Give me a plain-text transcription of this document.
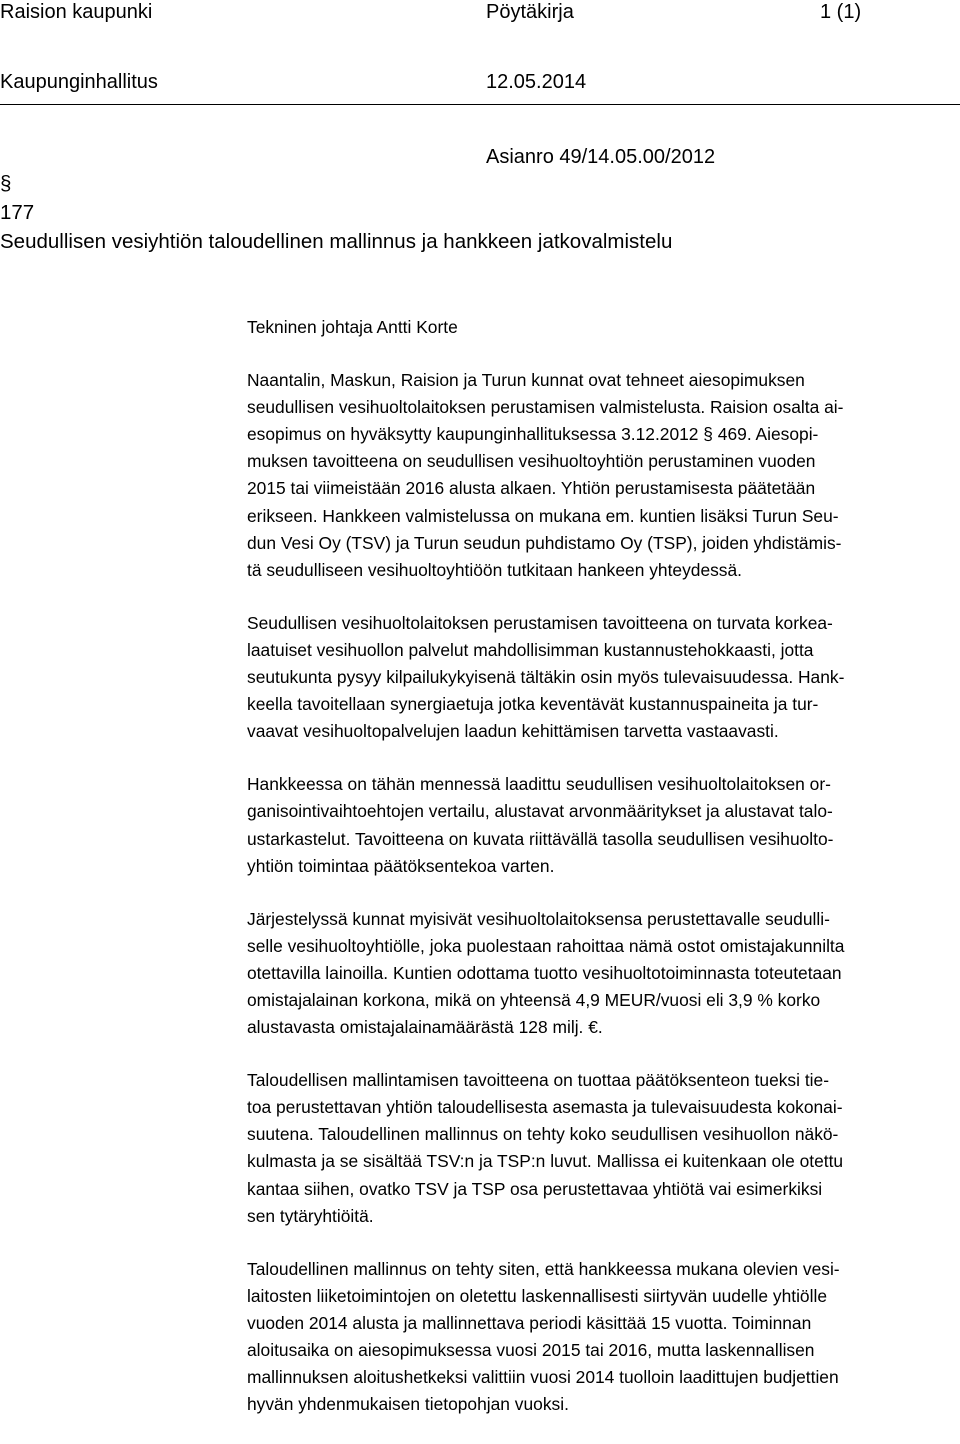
Raision kaupunki	Pöytäkirja	1 (1)
Kaupunginhallitus	12.05.2014
Asianro 49/14.05.00/2012
§
177
Seudullisen vesiyhtiön taloudellinen mallinnus ja hankkeen jatkovalmistelu
Tekninen johtaja Antti Korte

Naantalin, Maskun, Raision ja Turun kunnat ovat tehneet aiesopimuksen
seudullisen vesihuoltolaitoksen perustamisen valmistelusta. Raision osalta ai-
esopimus on hyväksytty kaupunginhallituksessa 3.12.2012 § 469. Aiesopi-
muksen tavoitteena on seudullisen vesihuoltoyhtiön perustaminen vuoden
2015 tai viimeistään 2016 alusta alkaen. Yhtiön perustamisesta päätetään
erikseen. Hankkeen valmistelussa on mukana em. kuntien lisäksi Turun Seu-
dun Vesi Oy (TSV) ja Turun seudun puhdistamo Oy (TSP), joiden yhdistämis-
tä seudulliseen vesihuoltoyhtiöön tutkitaan hankeen yhteydessä.

Seudullisen vesihuoltolaitoksen perustamisen tavoitteena on turvata korkea-
laatuiset vesihuollon palvelut mahdollisimman kustannustehokkaasti, jotta
seutukunta pysyy kilpailukykyisenä tältäkin osin myös tulevaisuudessa. Hank-
keella tavoitellaan synergiaetuja jotka keventävät kustannuspaineita ja tur-
vaavat vesihuoltopalvelujen laadun kehittämisen tarvetta vastaavasti.

Hankkeessa on tähän mennessä laadittu seudullisen vesihuoltolaitoksen or-
ganisointivaihtoehtojen vertailu, alustavat arvonmääritykset ja alustavat talo-
ustarkastelut. Tavoitteena on kuvata riittävällä tasolla seudullisen vesihuolto-
yhtiön toimintaa päätöksentekoa varten.

Järjestelyssä kunnat myisivät vesihuoltolaitoksensa perustettavalle seudulli-
selle vesihuoltoyhtiölle, joka puolestaan rahoittaa nämä ostot omistajakunnilta
otettavilla lainoilla. Kuntien odottama tuotto vesihuoltotoiminnasta toteutetaan
omistajalainan korkona, mikä on yhteensä 4,9 MEUR/vuosi eli 3,9 % korko
alustavasta omistajalainamäärästä 128 milj. €.

Taloudellisen mallintamisen tavoitteena on tuottaa päätöksenteon tueksi tie-
toa perustettavan yhtiön taloudellisesta asemasta ja tulevaisuudesta kokonai-
suutena. Taloudellinen mallinnus on tehty koko seudullisen vesihuollon näkö-
kulmasta ja se sisältää TSV:n ja TSP:n luvut. Mallissa ei kuitenkaan ole otettu
kantaa siihen, ovatko TSV ja TSP osa perustettavaa yhtiötä vai esimerkiksi
sen tytäryhtiöitä.

Taloudellinen mallinnus on tehty siten, että hankkeessa mukana olevien vesi-
laitosten liiketoimintojen on oletettu laskennallisesti siirtyvän uudelle yhtiölle
vuoden 2014 alusta ja mallinnettava periodi käsittää 15 vuotta. Toiminnan
aloitusaika on aiesopimuksessa vuosi 2015 tai 2016, mutta laskennallisen
mallinnuksen aloitushetkeksi valittiin vuosi 2014 tuolloin laadittujen budjettien
hyvän yhdenmukaisen tietopohjan vuoksi.
